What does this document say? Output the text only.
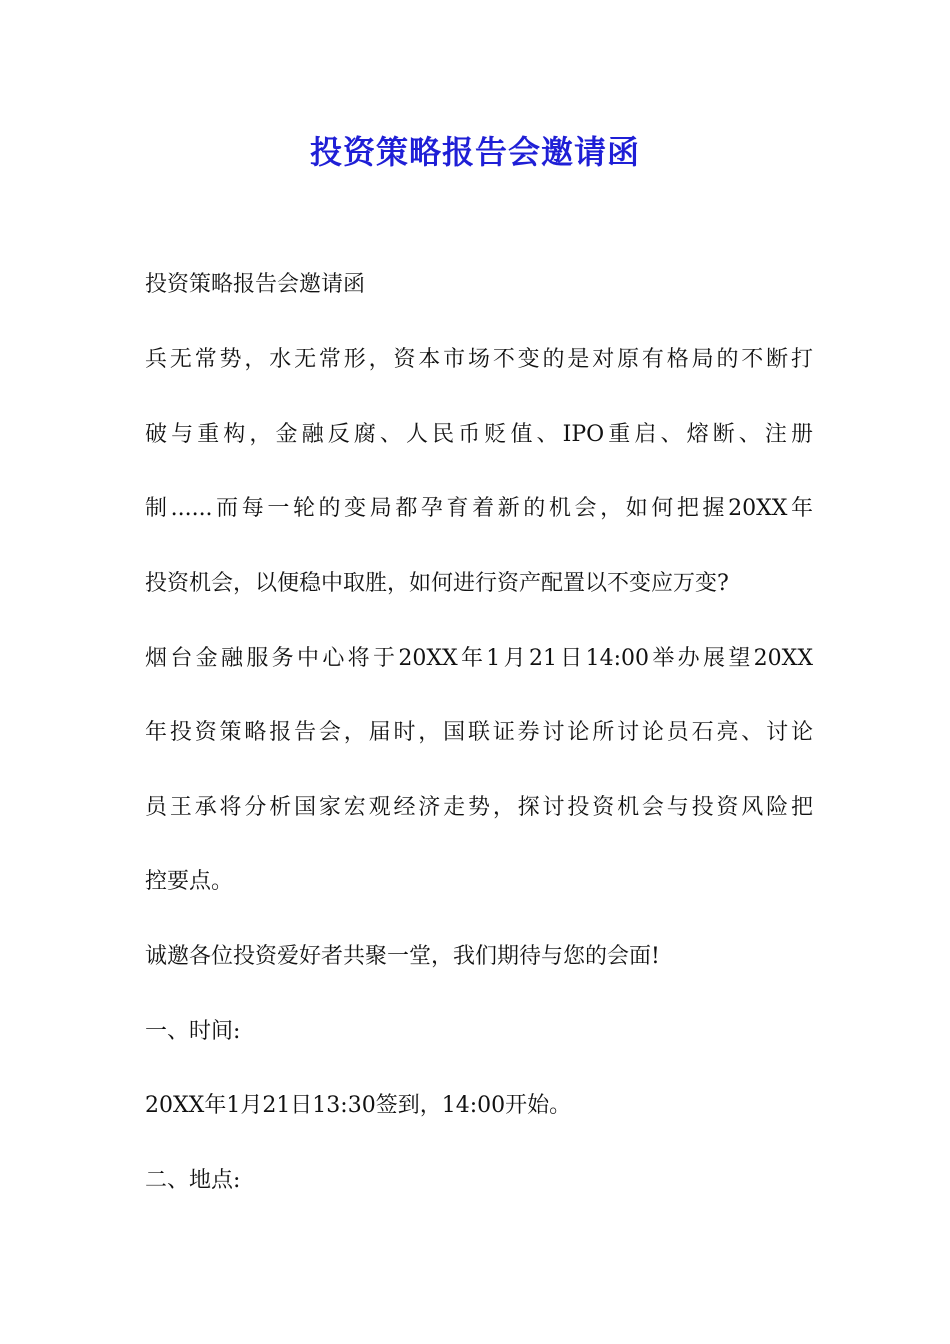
投资策略报告会邀请函
投资策略报告会邀请函
兵无常势，水无常形，资本市场不变的是对原有格局的不断打
破与重构，金融反腐、人民币贬值、IPO重启、熔断、注册
制......而每一轮的变局都孕育着新的机会，如何把握20XX年
投资机会，以便稳中取胜，如何进行资产配置以不变应万变?
烟台金融服务中心将于20XX年1月21日14:00举办展望20XX
年投资策略报告会，届时，国联证券讨论所讨论员石亮、讨论
员王承将分析国家宏观经济走势，探讨投资机会与投资风险把
控要点。
诚邀各位投资爱好者共聚一堂，我们期待与您的会面!
一、时间:
20XX年1月21日13:30签到，14:00开始。
二、地点:
